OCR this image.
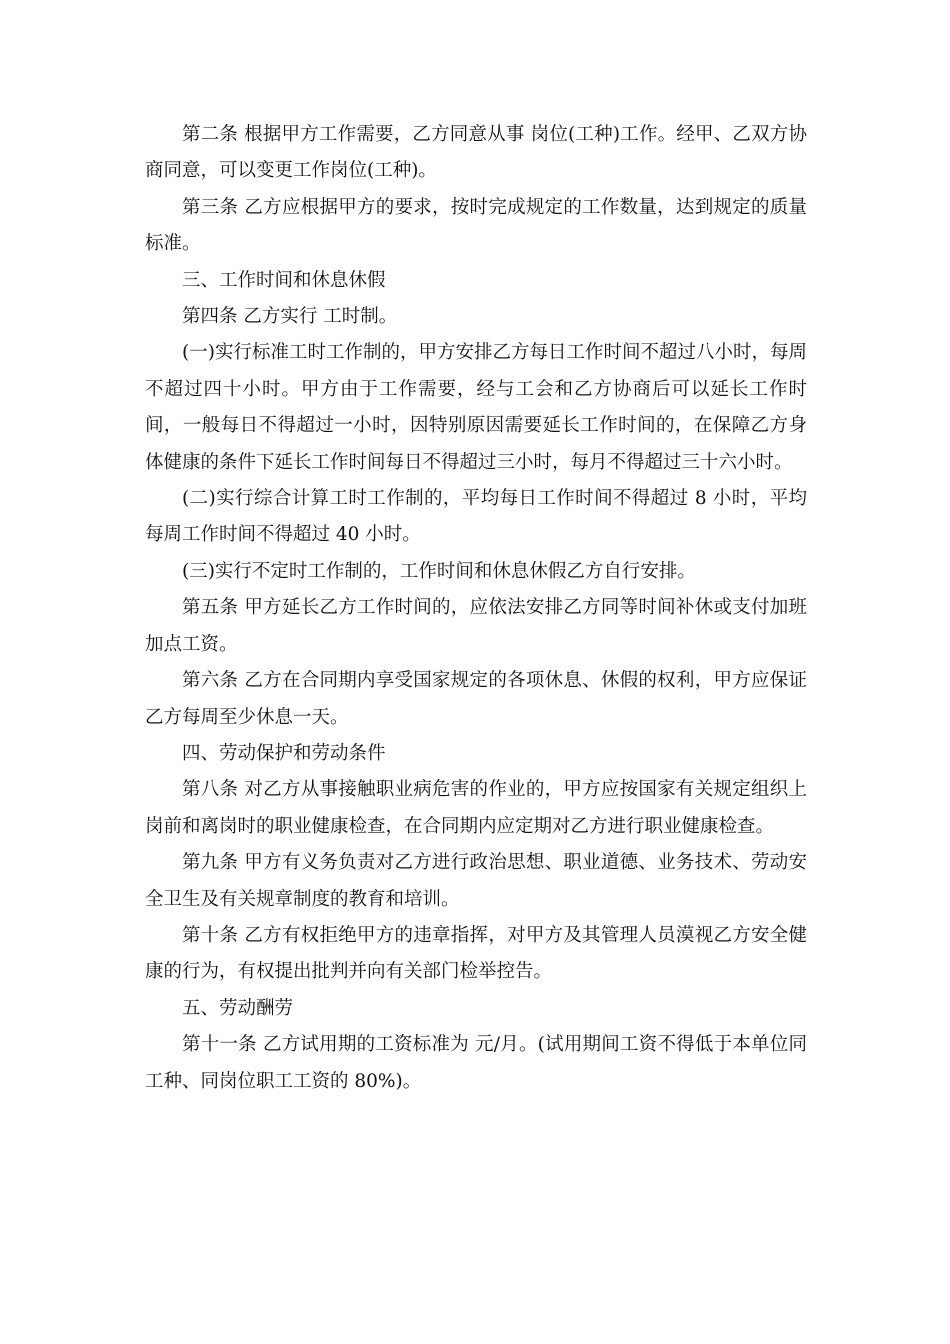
第二条 根据甲方工作需要，乙方同意从事 岗位(工种)工作。经甲、乙双方协商同意，可以变更工作岗位(工种)。

第三条 乙方应根据甲方的要求，按时完成规定的工作数量，达到规定的质量标准。

三、工作时间和休息休假

第四条 乙方实行 工时制。

(一)实行标准工时工作制的，甲方安排乙方每日工作时间不超过八小时，每周不超过四十小时。甲方由于工作需要，经与工会和乙方协商后可以延长工作时间，一般每日不得超过一小时，因特别原因需要延长工作时间的，在保障乙方身体健康的条件下延长工作时间每日不得超过三小时，每月不得超过三十六小时。

(二)实行综合计算工时工作制的，平均每日工作时间不得超过 8 小时，平均每周工作时间不得超过 40 小时。

(三)实行不定时工作制的，工作时间和休息休假乙方自行安排。

第五条 甲方延长乙方工作时间的，应依法安排乙方同等时间补休或支付加班加点工资。

第六条 乙方在合同期内享受国家规定的各项休息、休假的权利，甲方应保证乙方每周至少休息一天。

四、劳动保护和劳动条件

第八条 对乙方从事接触职业病危害的作业的，甲方应按国家有关规定组织上岗前和离岗时的职业健康检查，在合同期内应定期对乙方进行职业健康检查。

第九条 甲方有义务负责对乙方进行政治思想、职业道德、业务技术、劳动安全卫生及有关规章制度的教育和培训。

第十条 乙方有权拒绝甲方的违章指挥，对甲方及其管理人员漠视乙方安全健康的行为，有权提出批判并向有关部门检举控告。

五、劳动酬劳

第十一条 乙方试用期的工资标准为 元/月。(试用期间工资不得低于本单位同工种、同岗位职工工资的 80%)。
